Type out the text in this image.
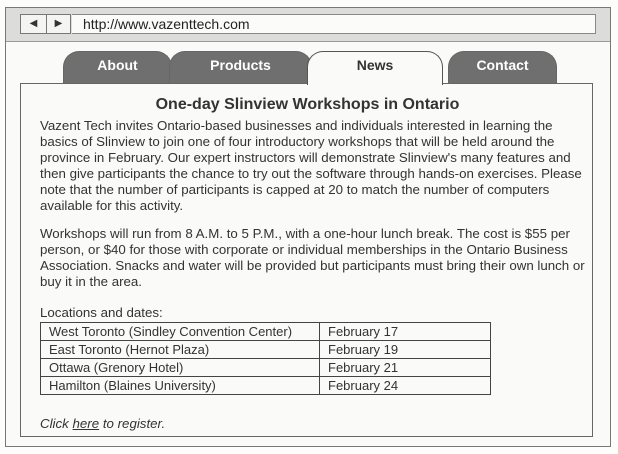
◀	▶	http://www.vazenttech.com
About	Products	Contact
One-day Slinview Workshops in Ontario

Vazent Tech invites Ontario-based businesses and individuals interested in learning the basics of Slinview to join one of four introductory workshops that will be held around the province in February. Our expert instructors will demonstrate Slinview's many features and then give participants the chance to try out the software through hands-on exercises. Please note that the number of participants is capped at 20 to match the number of computers available for this activity.

Workshops will run from 8 A.M. to 5 P.M., with a one-hour lunch break. The cost is $55 per person, or $40 for those with corporate or individual memberships in the Ontario Business Association. Snacks and water will be provided but participants must bring their own lunch or buy it in the area.

Locations and dates:

West Toronto (Sindley Convention Center)	February 17
East Toronto (Hernot Plaza)	February 19
Ottawa (Grenory Hotel)	February 21
Hamilton (Blaines University)	February 24

Click here to register.

News
